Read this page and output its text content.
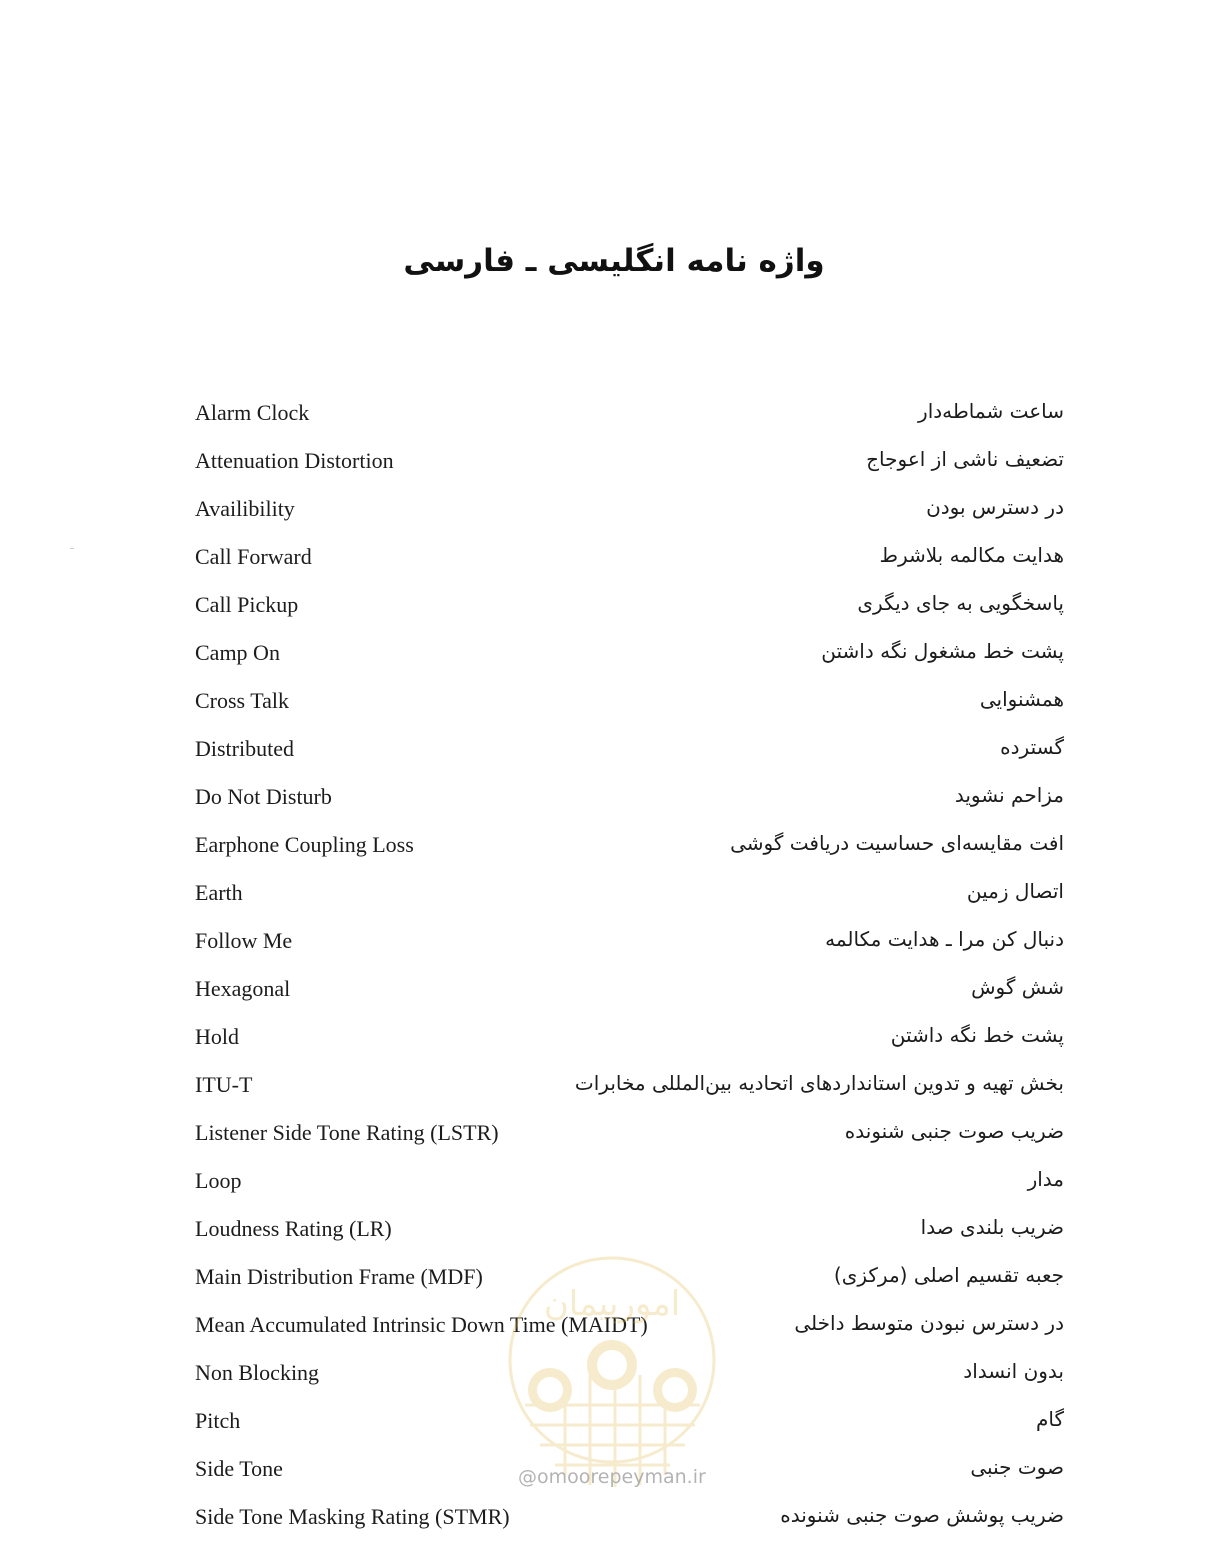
واژه نامه انگلیسی ـ فارسی
Alarm Clock	ساعت شماطه‌دار
Attenuation Distortion	تضعیف ناشی از اعوجاج
Availibility	در دسترس بودن
Call Forward	هدایت مکالمه بلاشرط
Call Pickup	پاسخگویی به جای دیگری
Camp On	پشت خط مشغول نگه داشتن
Cross Talk	همشنوایی
Distributed	گسترده
Do Not Disturb	مزاحم نشوید
Earphone Coupling Loss	افت مقایسه‌ای حساسیت دریافت گوشی
Earth	اتصال زمین
Follow Me	دنبال کن مرا ـ هدایت مکالمه
Hexagonal	شش گوش
Hold	پشت خط نگه داشتن
ITU-T	بخش تهیه و تدوین استانداردهای اتحادیه بین‌المللی مخابرات
Listener Side Tone Rating (LSTR)	ضریب صوت جنبی شنونده
Loop	مدار
Loudness Rating (LR)	ضریب بلندی صدا
Main Distribution Frame (MDF)	جعبه تقسیم اصلی (مرکزی)
Mean Accumulated Intrinsic Down Time (MAIDT)	در دسترس نبودن متوسط داخلی
Non Blocking	بدون انسداد
Pitch	گام
Side Tone	صوت جنبی
Side Tone Masking Rating (STMR)	ضریب پوشش صوت جنبی شنونده
امورپیمان
@omoorepeyman.ir
